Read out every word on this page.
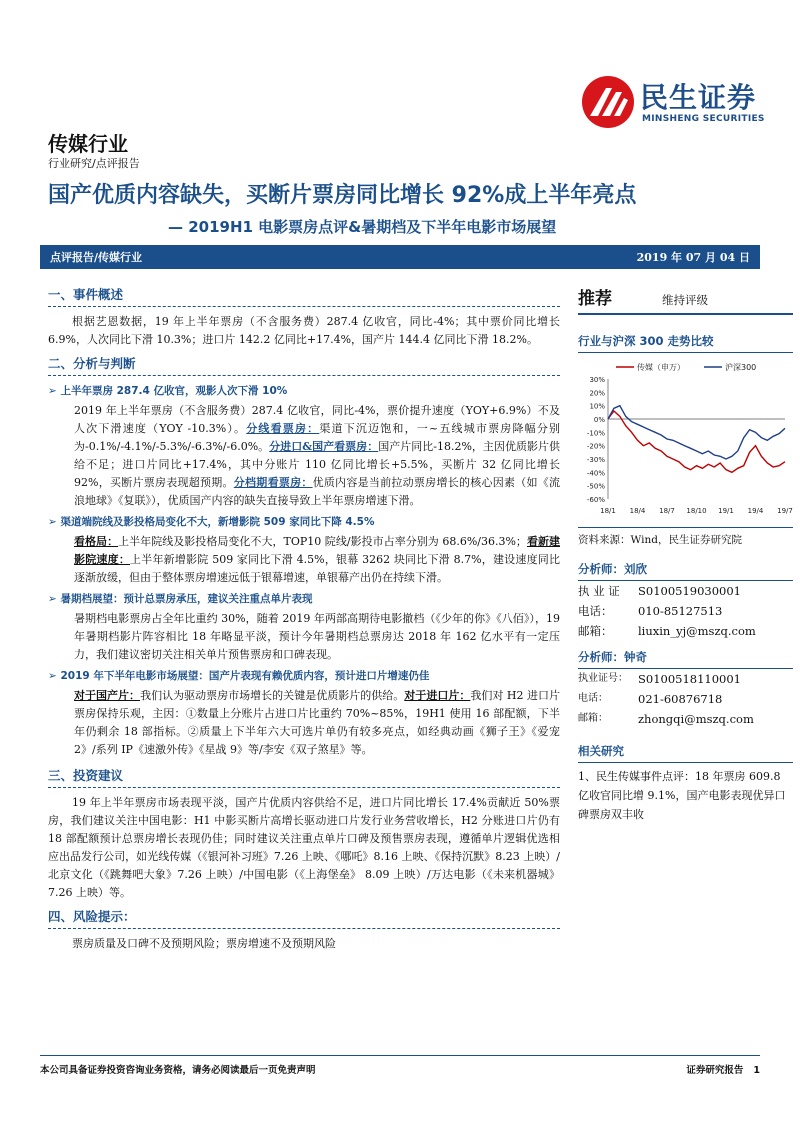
民生证券
MINSHENG SECURITIES
传媒行业
行业研究/点评报告
国产优质内容缺失，买断片票房同比增长 92%成上半年亮点
— 2019H1 电影票房点评&暑期档及下半年电影市场展望
点评报告/传媒行业	2019 年 07 月 04 日
一、事件概述
根据艺恩数据，19 年上半年票房（不含服务费）287.4 亿收官，同比-4%；其中票价同比增长 6.9%，人次同比下滑 10.3%；进口片 142.2 亿同比+17.4%，国产片 144.4 亿同比下滑 18.2%。
二、分析与判断
➢ 上半年票房 287.4 亿收官，观影人次下滑 10%
2019 年上半年票房（不含服务费）287.4 亿收官，同比-4%，票价提升速度（YOY+6.9%）不及人次下滑速度（YOY -10.3%）。分线看票房：渠道下沉迈饱和，一~五线城市票房降幅分别为-0.1%/-4.1%/-5.3%/-6.3%/-6.0%。分进口&国产看票房：国产片同比-18.2%，主因优质影片供给不足；进口片同比+17.4%，其中分账片 110 亿同比增长+5.5%，买断片 32 亿同比增长 92%，买断片票房表现超预期。分档期看票房：优质内容是当前拉动票房增长的核心因素（如《流浪地球》《复联》），优质国产内容的缺失直接导致上半年票房增速下滑。
➢ 渠道端院线及影投格局变化不大，新增影院 509 家同比下降 4.5%
看格局：上半年院线及影投格局变化不大，TOP10 院线/影投市占率分别为 68.6%/36.3%；看新建影院速度：上半年新增影院 509 家同比下滑 4.5%，银幕 3262 块同比下滑 8.7%，建设速度同比逐渐放缓，但由于整体票房增速远低于银幕增速，单银幕产出仍在持续下滑。
➢ 暑期档展望：预计总票房承压，建议关注重点单片表现
暑期档电影票房占全年比重约 30%，随着 2019 年两部高期待电影撤档（《少年的你》《八佰》），19 年暑期档影片阵容相比 18 年略显平淡，预计今年暑期档总票房达 2018 年 162 亿水平有一定压力，我们建议密切关注相关单片预售票房和口碑表现。
➢ 2019 年下半年电影市场展望：国产片表现有赖优质内容，预计进口片增速仍佳
对于国产片：我们认为驱动票房市场增长的关键是优质影片的供给。对于进口片：我们对 H2 进口片票房保持乐观，主因：①数量上分账片占进口片比重约 70%~85%，19H1 使用 16 部配额，下半年仍剩余 18 部指标。②质量上下半年六大可选片单仍有较多亮点，如经典动画《狮子王》《爱宠 2》/系列 IP《速激外传》《星战 9》等/李安《双子煞星》等。
三、投资建议
19 年上半年票房市场表现平淡，国产片优质内容供给不足，进口片同比增长 17.4%贡献近 50%票房，我们建议关注中国电影：H1 中影买断片高增长驱动进口片发行业务营收增长，H2 分账进口片仍有 18 部配额预计总票房增长表现仍佳；同时建议关注重点单片口碑及预售票房表现，遵循单片逻辑优选相应出品发行公司，如光线传媒（《银河补习班》7.26 上映、《哪吒》8.16 上映、《保持沉默》8.23 上映）/北京文化（《跳舞吧大象》7.26 上映）/中国电影（《上海堡垒》 8.09 上映）/万达电影（《未来机器城》7.26 上映）等。
四、风险提示：
票房质量及口碑不及预期风险；票房增速不及预期风险
推荐	维持评级
行业与沪深 300 走势比较
30%
20%
10%
0%
-10%
-20%
-30%
-40%
-50%
-60%
18/1 18/4 18/7 18/10 19/1 19/4 19/7
传媒（申万）	沪深300
资料来源：Wind，民生证券研究院
分析师：刘欣
执 业 证	S0100519030001
电话：	010-85127513
邮箱：	liuxin_yj@mszq.com
分析师：钟奇
执业证号： S0100518110001
电话：	021-60876718
邮箱：	zhongqi@mszq.com
相关研究
1、民生传媒事件点评：18 年票房 609.8 亿收官同比增 9.1%，国产电影表现优异口碑票房双丰收
本公司具备证券投资咨询业务资格，请务必阅读最后一页免责声明	证券研究报告 1
